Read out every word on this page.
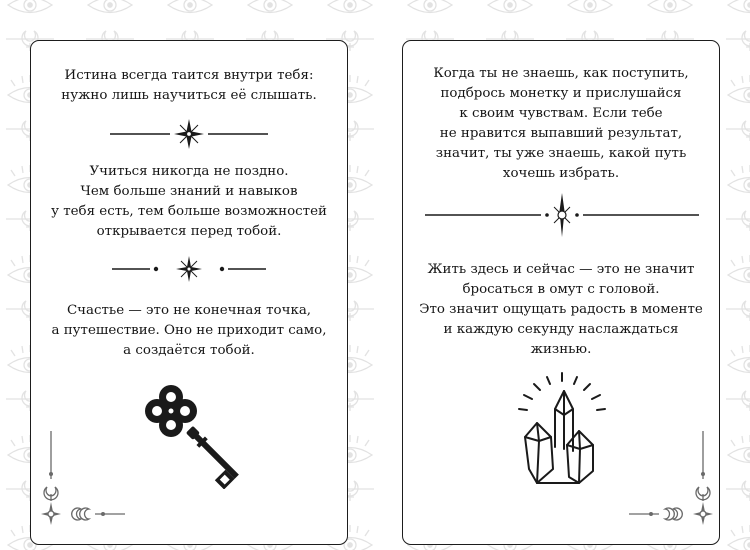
Истина всегда таится внутри тебя:
нужно лишь научиться её слышать.
Учиться никогда не поздно.
Чем больше знаний и навыков
у тебя есть, тем больше возможностей
открывается перед тобой.
Счастье — это не конечная точка,
а путешествие. Оно не приходит само,
а создаётся тобой.
Когда ты не знаешь, как поступить,
подбрось монетку и прислушайся
к своим чувствам. Если тебе
не нравится выпавший результат,
значит, ты уже знаешь, какой путь
хочешь избрать.
Жить здесь и сейчас — это не значит
бросаться в омут с головой.
Это значит ощущать радость в моменте
и каждую секунду наслаждаться
жизнью.
